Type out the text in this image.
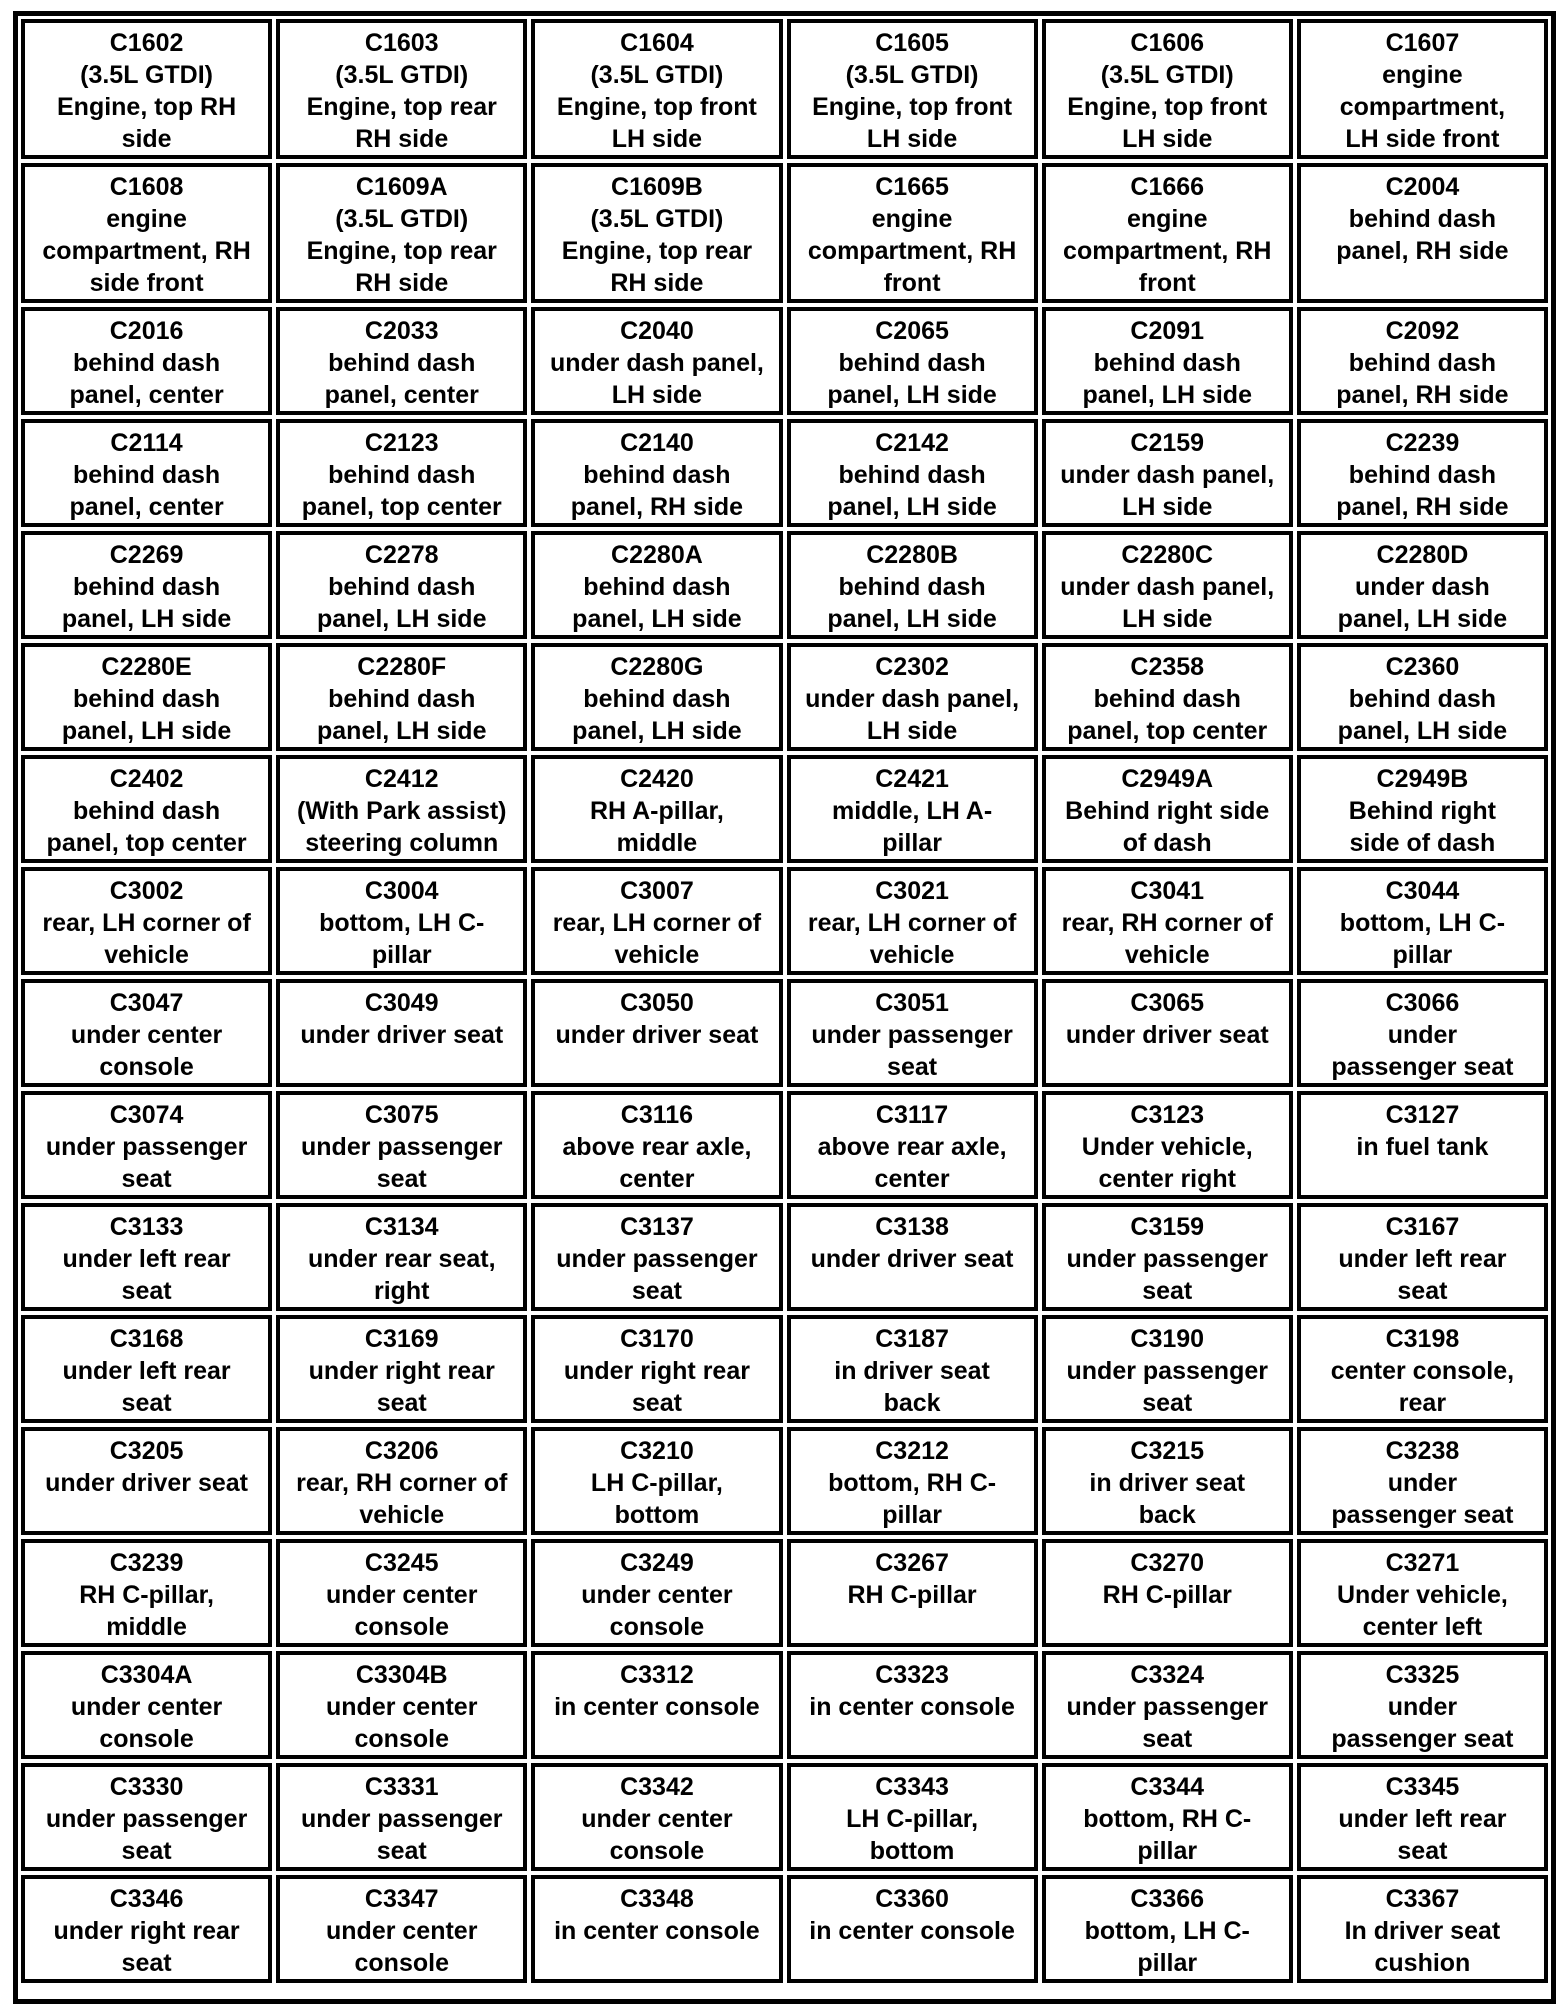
C1602
(3.5L GTDI)
Engine, top RH
side
C1603
(3.5L GTDI)
Engine, top rear
RH side
C1604
(3.5L GTDI)
Engine, top front
LH side
C1605
(3.5L GTDI)
Engine, top front
LH side
C1606
(3.5L GTDI)
Engine, top front
LH side
C1607
engine
compartment,
LH side front
C1608
engine
compartment, RH
side front
C1609A
(3.5L GTDI)
Engine, top rear
RH side
C1609B
(3.5L GTDI)
Engine, top rear
RH side
C1665
engine
compartment, RH
front
C1666
engine
compartment, RH
front
C2004
behind dash
panel, RH side
C2016
behind dash
panel, center
C2033
behind dash
panel, center
C2040
under dash panel,
LH side
C2065
behind dash
panel, LH side
C2091
behind dash
panel, LH side
C2092
behind dash
panel, RH side
C2114
behind dash
panel, center
C2123
behind dash
panel, top center
C2140
behind dash
panel, RH side
C2142
behind dash
panel, LH side
C2159
under dash panel,
LH side
C2239
behind dash
panel, RH side
C2269
behind dash
panel, LH side
C2278
behind dash
panel, LH side
C2280A
behind dash
panel, LH side
C2280B
behind dash
panel, LH side
C2280C
under dash panel,
LH side
C2280D
under dash
panel, LH side
C2280E
behind dash
panel, LH side
C2280F
behind dash
panel, LH side
C2280G
behind dash
panel, LH side
C2302
under dash panel,
LH side
C2358
behind dash
panel, top center
C2360
behind dash
panel, LH side
C2402
behind dash
panel, top center
C2412
(With Park assist)
steering column
C2420
RH A-pillar,
middle
C2421
middle, LH A-
pillar
C2949A
Behind right side
of dash
C2949B
Behind right
side of dash
C3002
rear, LH corner of
vehicle
C3004
bottom, LH C-
pillar
C3007
rear, LH corner of
vehicle
C3021
rear, LH corner of
vehicle
C3041
rear, RH corner of
vehicle
C3044
bottom, LH C-
pillar
C3047
under center
console
C3049
under driver seat
C3050
under driver seat
C3051
under passenger
seat
C3065
under driver seat
C3066
under
passenger seat
C3074
under passenger
seat
C3075
under passenger
seat
C3116
above rear axle,
center
C3117
above rear axle,
center
C3123
Under vehicle,
center right
C3127
in fuel tank
C3133
under left rear
seat
C3134
under rear seat,
right
C3137
under passenger
seat
C3138
under driver seat
C3159
under passenger
seat
C3167
under left rear
seat
C3168
under left rear
seat
C3169
under right rear
seat
C3170
under right rear
seat
C3187
in driver seat
back
C3190
under passenger
seat
C3198
center console,
rear
C3205
under driver seat
C3206
rear, RH corner of
vehicle
C3210
LH C-pillar,
bottom
C3212
bottom, RH C-
pillar
C3215
in driver seat
back
C3238
under
passenger seat
C3239
RH C-pillar,
middle
C3245
under center
console
C3249
under center
console
C3267
RH C-pillar
C3270
RH C-pillar
C3271
Under vehicle,
center left
C3304A
under center
console
C3304B
under center
console
C3312
in center console
C3323
in center console
C3324
under passenger
seat
C3325
under
passenger seat
C3330
under passenger
seat
C3331
under passenger
seat
C3342
under center
console
C3343
LH C-pillar,
bottom
C3344
bottom, RH C-
pillar
C3345
under left rear
seat
C3346
under right rear
seat
C3347
under center
console
C3348
in center console
C3360
in center console
C3366
bottom, LH C-
pillar
C3367
In driver seat
cushion
